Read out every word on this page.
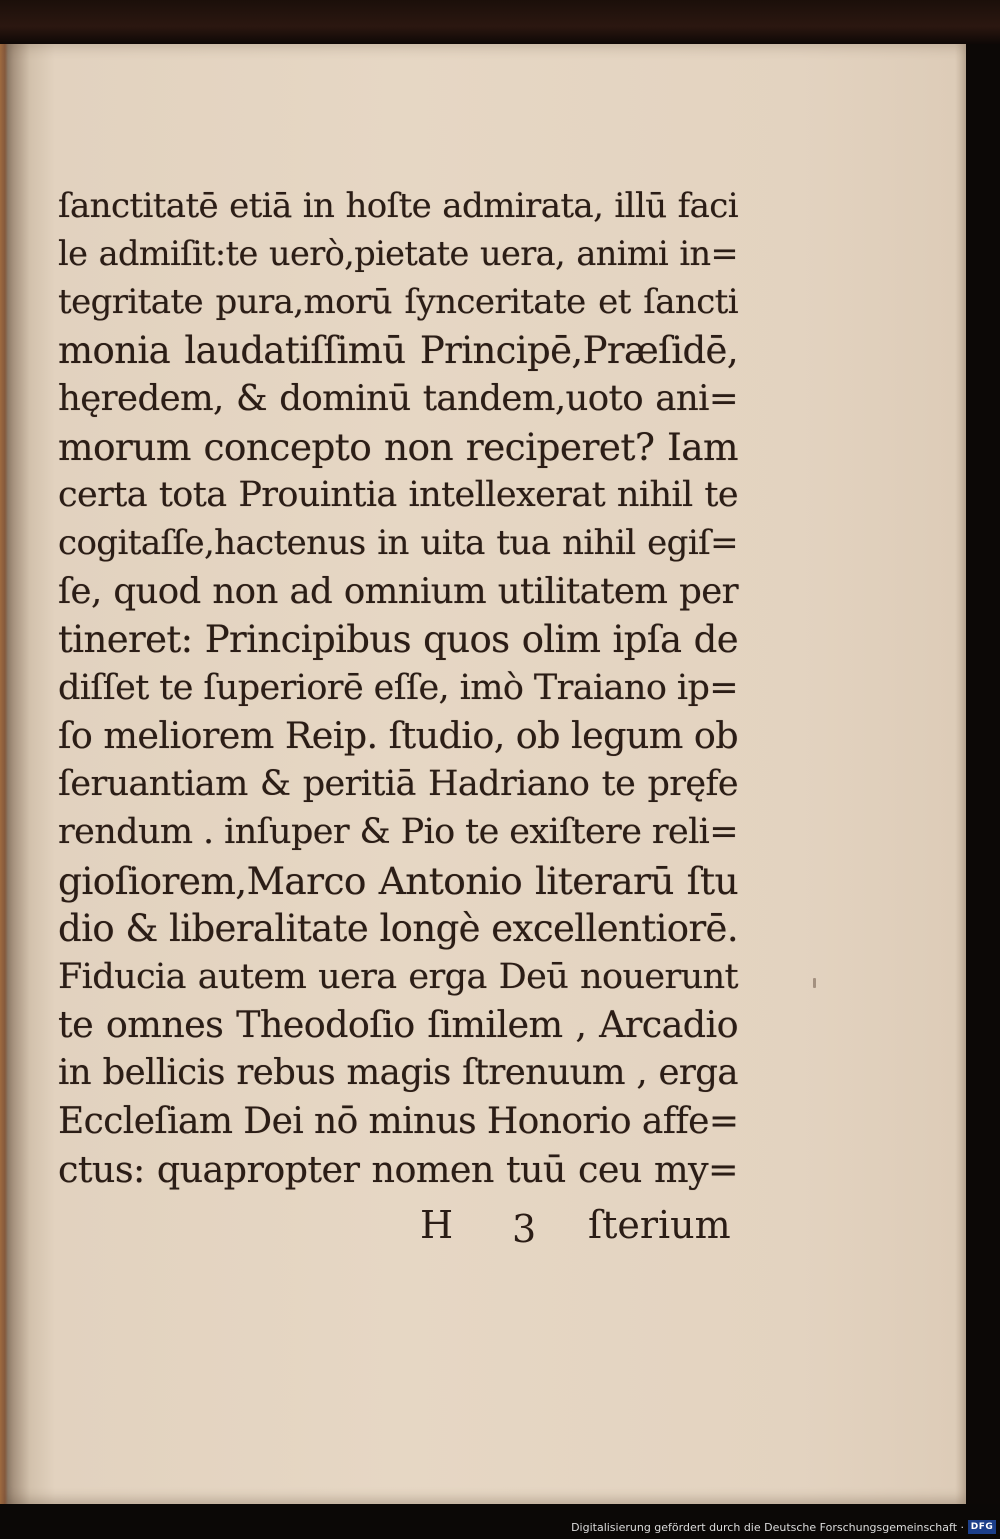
ſanctitatē etiā in hoſte admirata, illū faci
le admiſit:te uerò,pietate uera, animi in=
tegritate pura,morū ſynceritate et ſancti
monia laudatiſſimū Principē,Præſidē,
hęredem, & dominū tandem,uoto ani=
morum concepto non reciperet? Iam
certa tota Prouintia intellexerat nihil te
cogitaſſe,hactenus in uita tua nihil egiſ=
ſe, quod non ad omnium utilitatem per
tineret: Principibus quos olim ipſa de
diſſet te ſuperiorē eſſe, imò Traiano ip=
ſo meliorem Reip. ſtudio, ob legum ob
ſeruantiam & peritiā Hadriano te pręfe
rendum . inſuper & Pio te exiſtere reli=
gioſiorem,Marco Antonio literarū ſtu
dio & liberalitate longè excellentiorē.
Fiducia autem uera erga Deū nouerunt
te omnes Theodoſio ſimilem , Arcadio
in bellicis rebus magis ſtrenuum , erga
Eccleſiam Dei nō minus Honorio affe=
ctus: quapropter nomen tuū ceu my=
H 3 ſterium
Digitalisierung gefördert durch die Deutsche Forschungsgemeinschaft · DFG
